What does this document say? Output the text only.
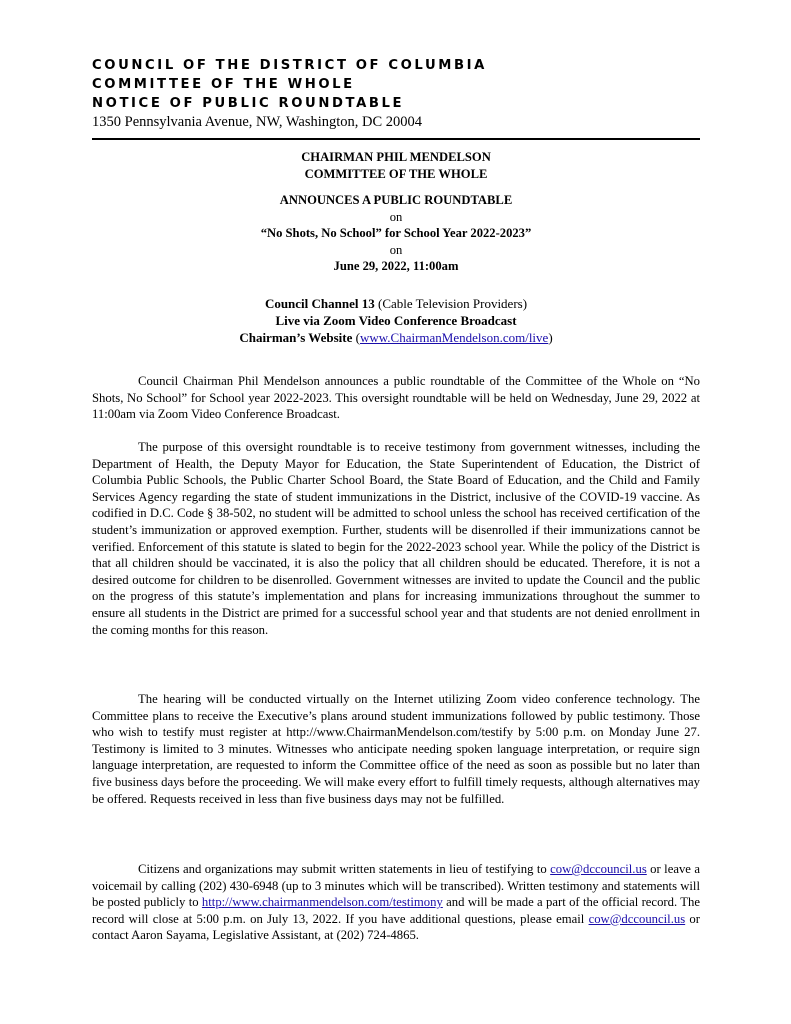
COUNCIL OF THE DISTRICT OF COLUMBIA
COMMITTEE OF THE WHOLE
NOTICE OF PUBLIC ROUNDTABLE
1350 Pennsylvania Avenue, NW, Washington, DC 20004
CHAIRMAN PHIL MENDELSON
COMMITTEE OF THE WHOLE
ANNOUNCES A PUBLIC ROUNDTABLE
on
“No Shots, No School” for School Year 2022-2023”
on
June 29, 2022, 11:00am
Council Channel 13 (Cable Television Providers)
Live via Zoom Video Conference Broadcast
Chairman’s Website (www.ChairmanMendelson.com/live)
Council Chairman Phil Mendelson announces a public roundtable of the Committee of the Whole on “No Shots, No School” for School year 2022-2023. This oversight roundtable will be held on Wednesday, June 29, 2022 at 11:00am via Zoom Video Conference Broadcast.
The purpose of this oversight roundtable is to receive testimony from government witnesses, including the Department of Health, the Deputy Mayor for Education, the State Superintendent of Education, the District of Columbia Public Schools, the Public Charter School Board, the State Board of Education, and the Child and Family Services Agency regarding the state of student immunizations in the District, inclusive of the COVID-19 vaccine. As codified in D.C. Code § 38-502, no student will be admitted to school unless the school has received certification of the student’s immunization or approved exemption. Further, students will be disenrolled if their immunizations cannot be verified. Enforcement of this statute is slated to begin for the 2022-2023 school year. While the policy of the District is that all children should be vaccinated, it is also the policy that all children should be educated. Therefore, it is not a desired outcome for children to be disenrolled. Government witnesses are invited to update the Council and the public on the progress of this statute’s implementation and plans for increasing immunizations throughout the summer to ensure all students in the District are primed for a successful school year and that students are not denied enrollment in the coming months for this reason.
The hearing will be conducted virtually on the Internet utilizing Zoom video conference technology. The Committee plans to receive the Executive’s plans around student immunizations followed by public testimony. Those who wish to testify must register at http://www.ChairmanMendelson.com/testify by 5:00 p.m. on Monday June 27. Testimony is limited to 3 minutes. Witnesses who anticipate needing spoken language interpretation, or require sign language interpretation, are requested to inform the Committee office of the need as soon as possible but no later than five business days before the proceeding. We will make every effort to fulfill timely requests, although alternatives may be offered. Requests received in less than five business days may not be fulfilled.
Citizens and organizations may submit written statements in lieu of testifying to cow@dccouncil.us or leave a voicemail by calling (202) 430-6948 (up to 3 minutes which will be transcribed). Written testimony and statements will be posted publicly to http://www.chairmanmendelson.com/testimony and will be made a part of the official record. The record will close at 5:00 p.m. on July 13, 2022. If you have additional questions, please email cow@dccouncil.us or contact Aaron Sayama, Legislative Assistant, at (202) 724-4865.
